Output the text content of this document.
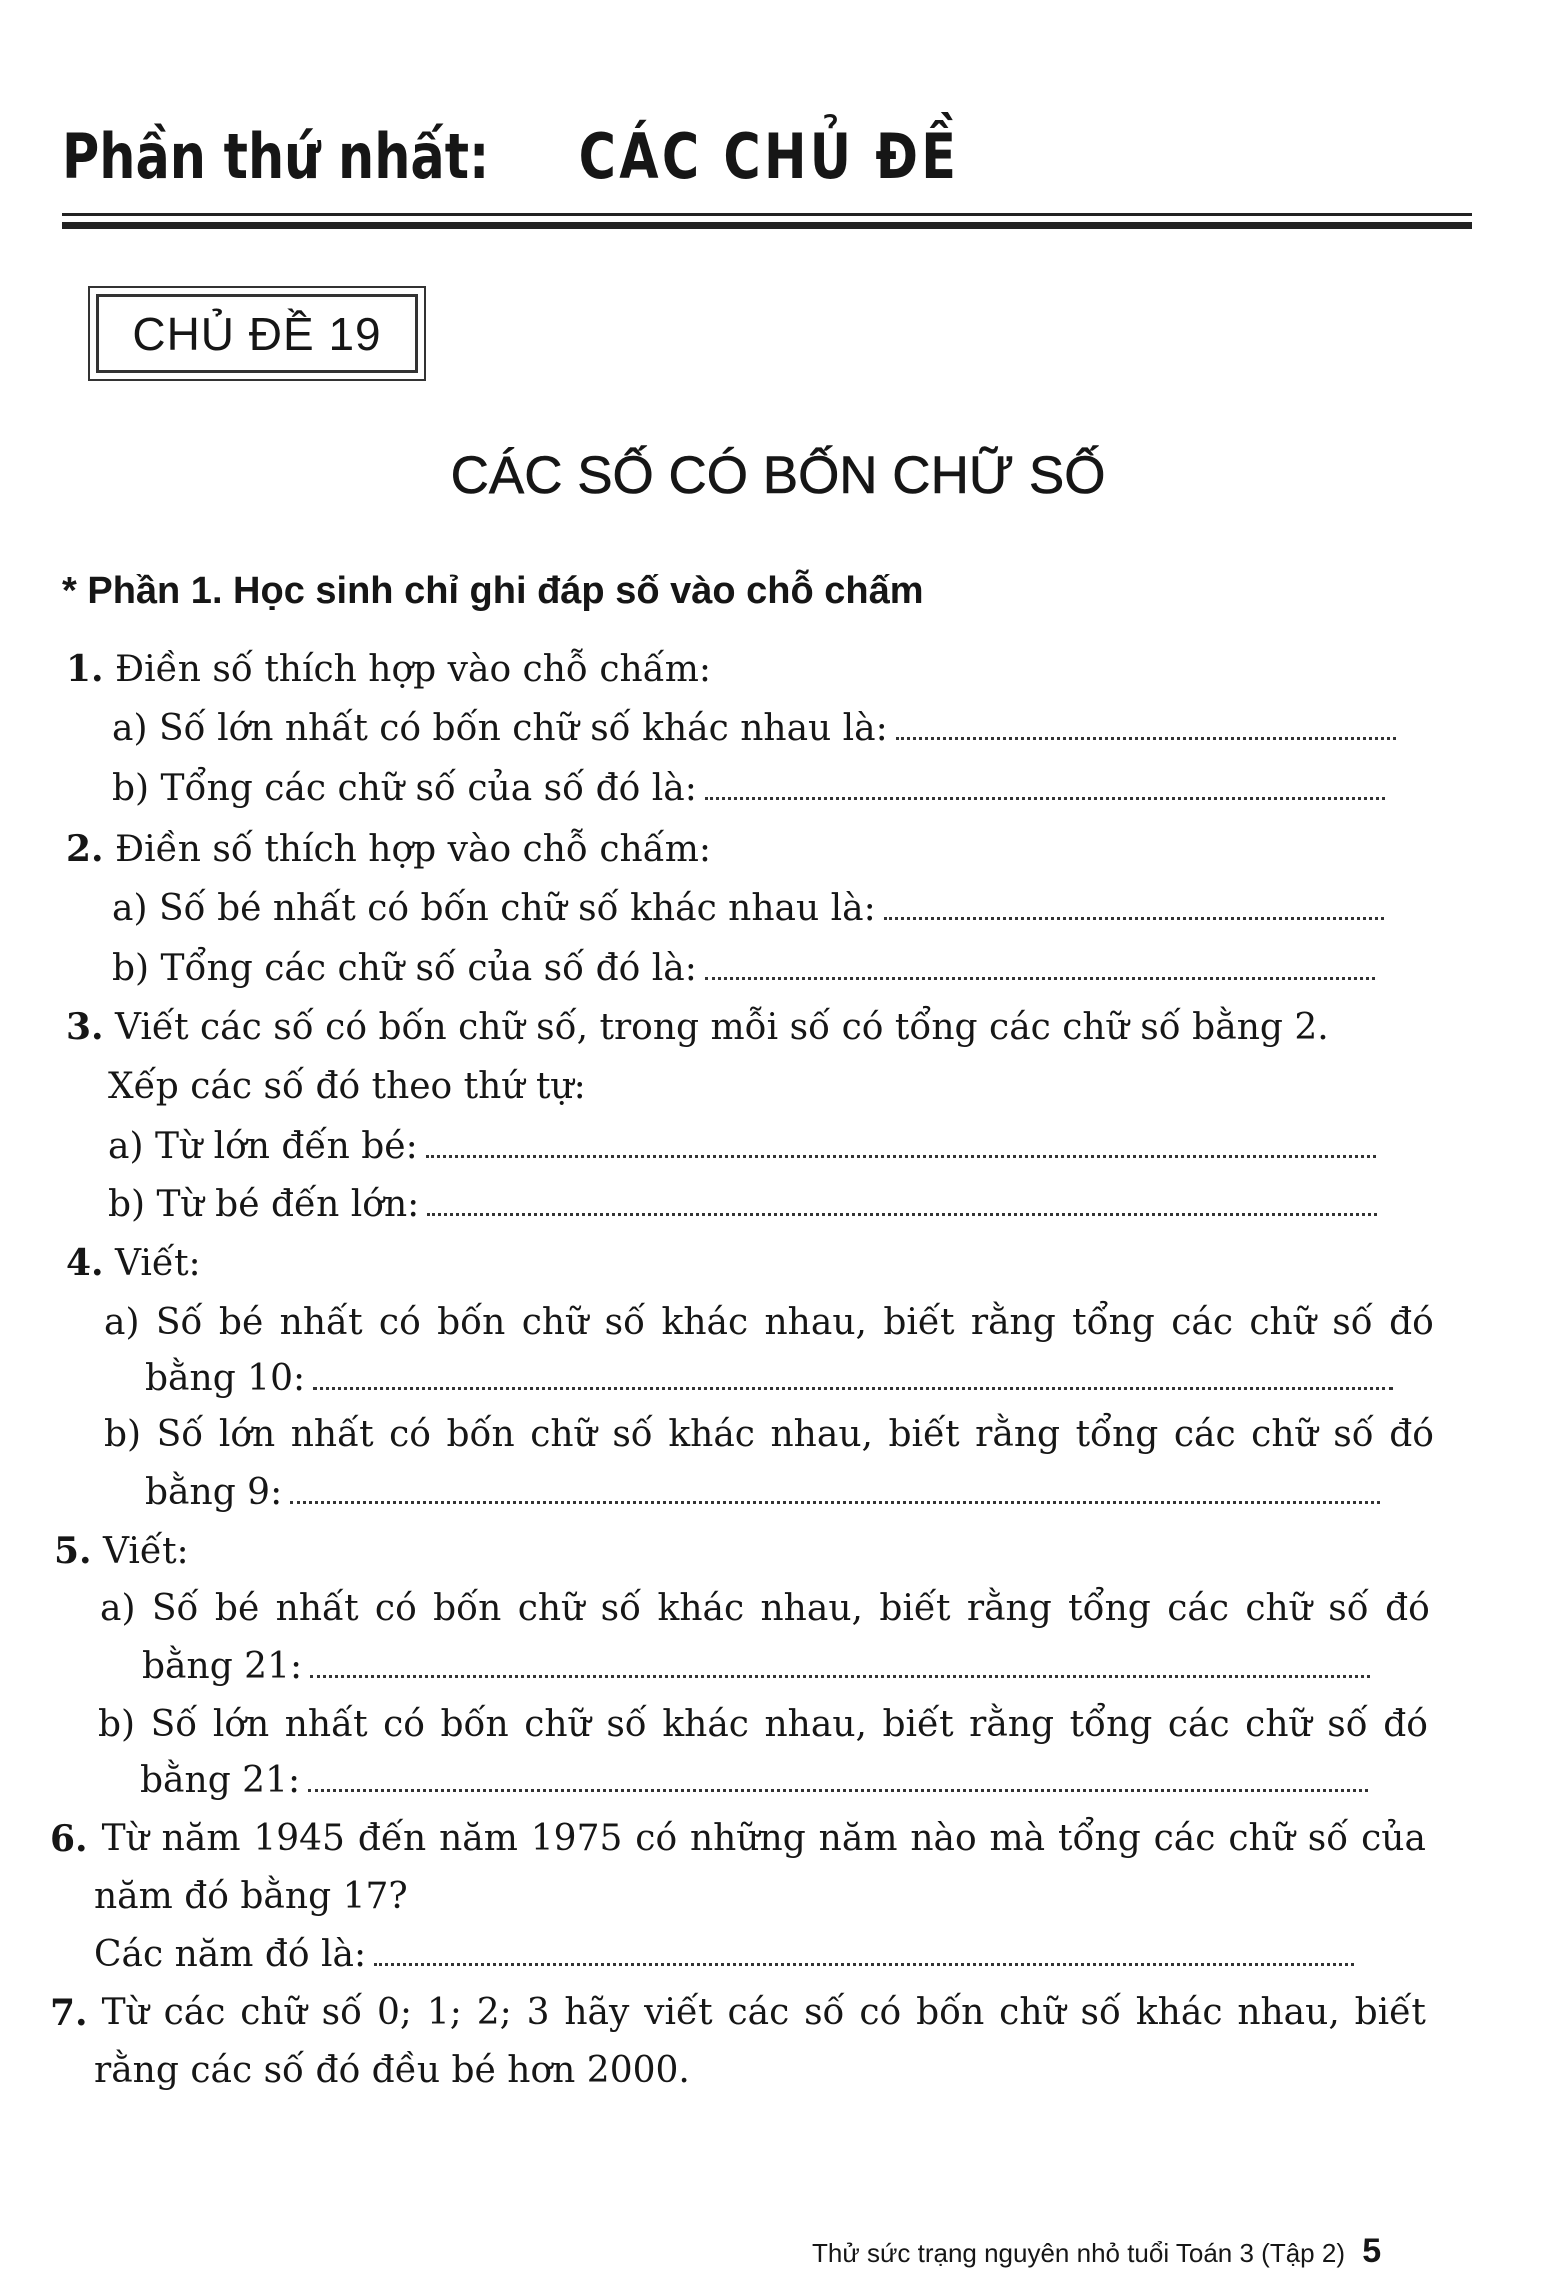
Phần thứ nhất: CÁC CHỦ ĐỀ
CHỦ ĐỀ 19
CÁC SỐ CÓ BỐN CHỮ SỐ
* Phần 1. Học sinh chỉ ghi đáp số vào chỗ chấm
1. Điền số thích hợp vào chỗ chấm:
a) Số lớn nhất có bốn chữ số khác nhau là:
b) Tổng các chữ số của số đó là:
2. Điền số thích hợp vào chỗ chấm:
a) Số bé nhất có bốn chữ số khác nhau là:
b) Tổng các chữ số của số đó là:
3. Viết các số có bốn chữ số, trong mỗi số có tổng các chữ số bằng 2.
Xếp các số đó theo thứ tự:
a) Từ lớn đến bé:
b) Từ bé đến lớn:
4. Viết:
a) Số bé nhất có bốn chữ số khác nhau, biết rằng tổng các chữ số đó
bằng 10:
b) Số lớn nhất có bốn chữ số khác nhau, biết rằng tổng các chữ số đó
bằng 9:
5. Viết:
a) Số bé nhất có bốn chữ số khác nhau, biết rằng tổng các chữ số đó
bằng 21:
b) Số lớn nhất có bốn chữ số khác nhau, biết rằng tổng các chữ số đó
bằng 21:
6. Từ năm 1945 đến năm 1975 có những năm nào mà tổng các chữ số của
năm đó bằng 17?
Các năm đó là:
7. Từ các chữ số 0; 1; 2; 3 hãy viết các số có bốn chữ số khác nhau, biết
rằng các số đó đều bé hơn 2000.
Thử sức trạng nguyên nhỏ tuổi Toán 3 (Tập 2) 5
